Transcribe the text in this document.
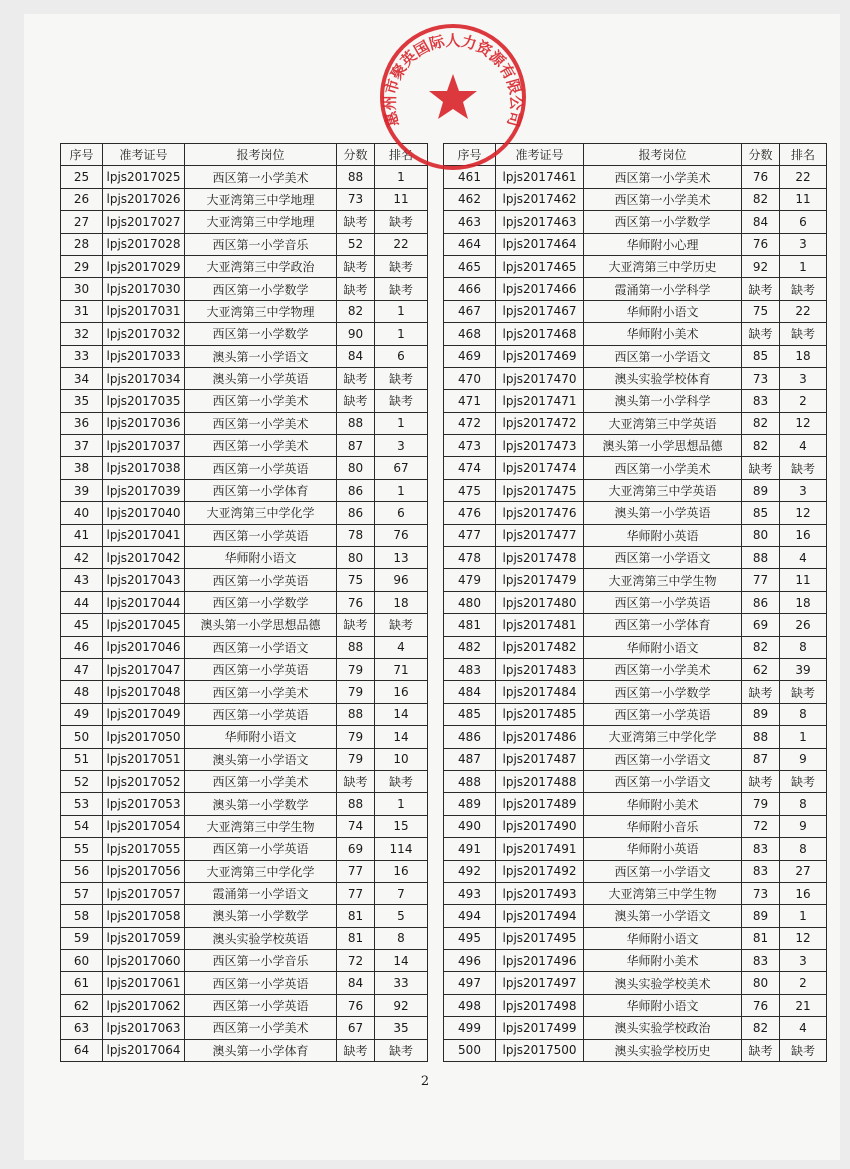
序号	准考证号	报考岗位	分数	排名
25	lpjs2017025	西区第一小学美术	88	1
26	lpjs2017026	大亚湾第三中学地理	73	11
27	lpjs2017027	大亚湾第三中学地理	缺考	缺考
28	lpjs2017028	西区第一小学音乐	52	22
29	lpjs2017029	大亚湾第三中学政治	缺考	缺考
30	lpjs2017030	西区第一小学数学	缺考	缺考
31	lpjs2017031	大亚湾第三中学物理	82	1
32	lpjs2017032	西区第一小学数学	90	1
33	lpjs2017033	澳头第一小学语文	84	6
34	lpjs2017034	澳头第一小学英语	缺考	缺考
35	lpjs2017035	西区第一小学美术	缺考	缺考
36	lpjs2017036	西区第一小学美术	88	1
37	lpjs2017037	西区第一小学美术	87	3
38	lpjs2017038	西区第一小学英语	80	67
39	lpjs2017039	西区第一小学体育	86	1
40	lpjs2017040	大亚湾第三中学化学	86	6
41	lpjs2017041	西区第一小学英语	78	76
42	lpjs2017042	华师附小语文	80	13
43	lpjs2017043	西区第一小学英语	75	96
44	lpjs2017044	西区第一小学数学	76	18
45	lpjs2017045	澳头第一小学思想品德	缺考	缺考
46	lpjs2017046	西区第一小学语文	88	4
47	lpjs2017047	西区第一小学英语	79	71
48	lpjs2017048	西区第一小学美术	79	16
49	lpjs2017049	西区第一小学英语	88	14
50	lpjs2017050	华师附小语文	79	14
51	lpjs2017051	澳头第一小学语文	79	10
52	lpjs2017052	西区第一小学美术	缺考	缺考
53	lpjs2017053	澳头第一小学数学	88	1
54	lpjs2017054	大亚湾第三中学生物	74	15
55	lpjs2017055	西区第一小学英语	69	114
56	lpjs2017056	大亚湾第三中学化学	77	16
57	lpjs2017057	霞涌第一小学语文	77	7
58	lpjs2017058	澳头第一小学数学	81	5
59	lpjs2017059	澳头实验学校英语	81	8
60	lpjs2017060	西区第一小学音乐	72	14
61	lpjs2017061	西区第一小学英语	84	33
62	lpjs2017062	西区第一小学英语	76	92
63	lpjs2017063	西区第一小学美术	67	35
64	lpjs2017064	澳头第一小学体育	缺考	缺考
序号	准考证号	报考岗位	分数	排名
461	lpjs2017461	西区第一小学美术	76	22
462	lpjs2017462	西区第一小学美术	82	11
463	lpjs2017463	西区第一小学数学	84	6
464	lpjs2017464	华师附小心理	76	3
465	lpjs2017465	大亚湾第三中学历史	92	1
466	lpjs2017466	霞涌第一小学科学	缺考	缺考
467	lpjs2017467	华师附小语文	75	22
468	lpjs2017468	华师附小美术	缺考	缺考
469	lpjs2017469	西区第一小学语文	85	18
470	lpjs2017470	澳头实验学校体育	73	3
471	lpjs2017471	澳头第一小学科学	83	2
472	lpjs2017472	大亚湾第三中学英语	82	12
473	lpjs2017473	澳头第一小学思想品德	82	4
474	lpjs2017474	西区第一小学美术	缺考	缺考
475	lpjs2017475	大亚湾第三中学英语	89	3
476	lpjs2017476	澳头第一小学英语	85	12
477	lpjs2017477	华师附小英语	80	16
478	lpjs2017478	西区第一小学语文	88	4
479	lpjs2017479	大亚湾第三中学生物	77	11
480	lpjs2017480	西区第一小学英语	86	18
481	lpjs2017481	西区第一小学体育	69	26
482	lpjs2017482	华师附小语文	82	8
483	lpjs2017483	西区第一小学美术	62	39
484	lpjs2017484	西区第一小学数学	缺考	缺考
485	lpjs2017485	西区第一小学英语	89	8
486	lpjs2017486	大亚湾第三中学化学	88	1
487	lpjs2017487	西区第一小学语文	87	9
488	lpjs2017488	西区第一小学语文	缺考	缺考
489	lpjs2017489	华师附小美术	79	8
490	lpjs2017490	华师附小音乐	72	9
491	lpjs2017491	华师附小英语	83	8
492	lpjs2017492	西区第一小学语文	83	27
493	lpjs2017493	大亚湾第三中学生物	73	16
494	lpjs2017494	澳头第一小学语文	89	1
495	lpjs2017495	华师附小语文	81	12
496	lpjs2017496	华师附小美术	83	3
497	lpjs2017497	澳头实验学校美术	80	2
498	lpjs2017498	华师附小语文	76	21
499	lpjs2017499	澳头实验学校政治	82	4
500	lpjs2017500	澳头实验学校历史	缺考	缺考
惠州市聚英国际人力资源有限公司
2
